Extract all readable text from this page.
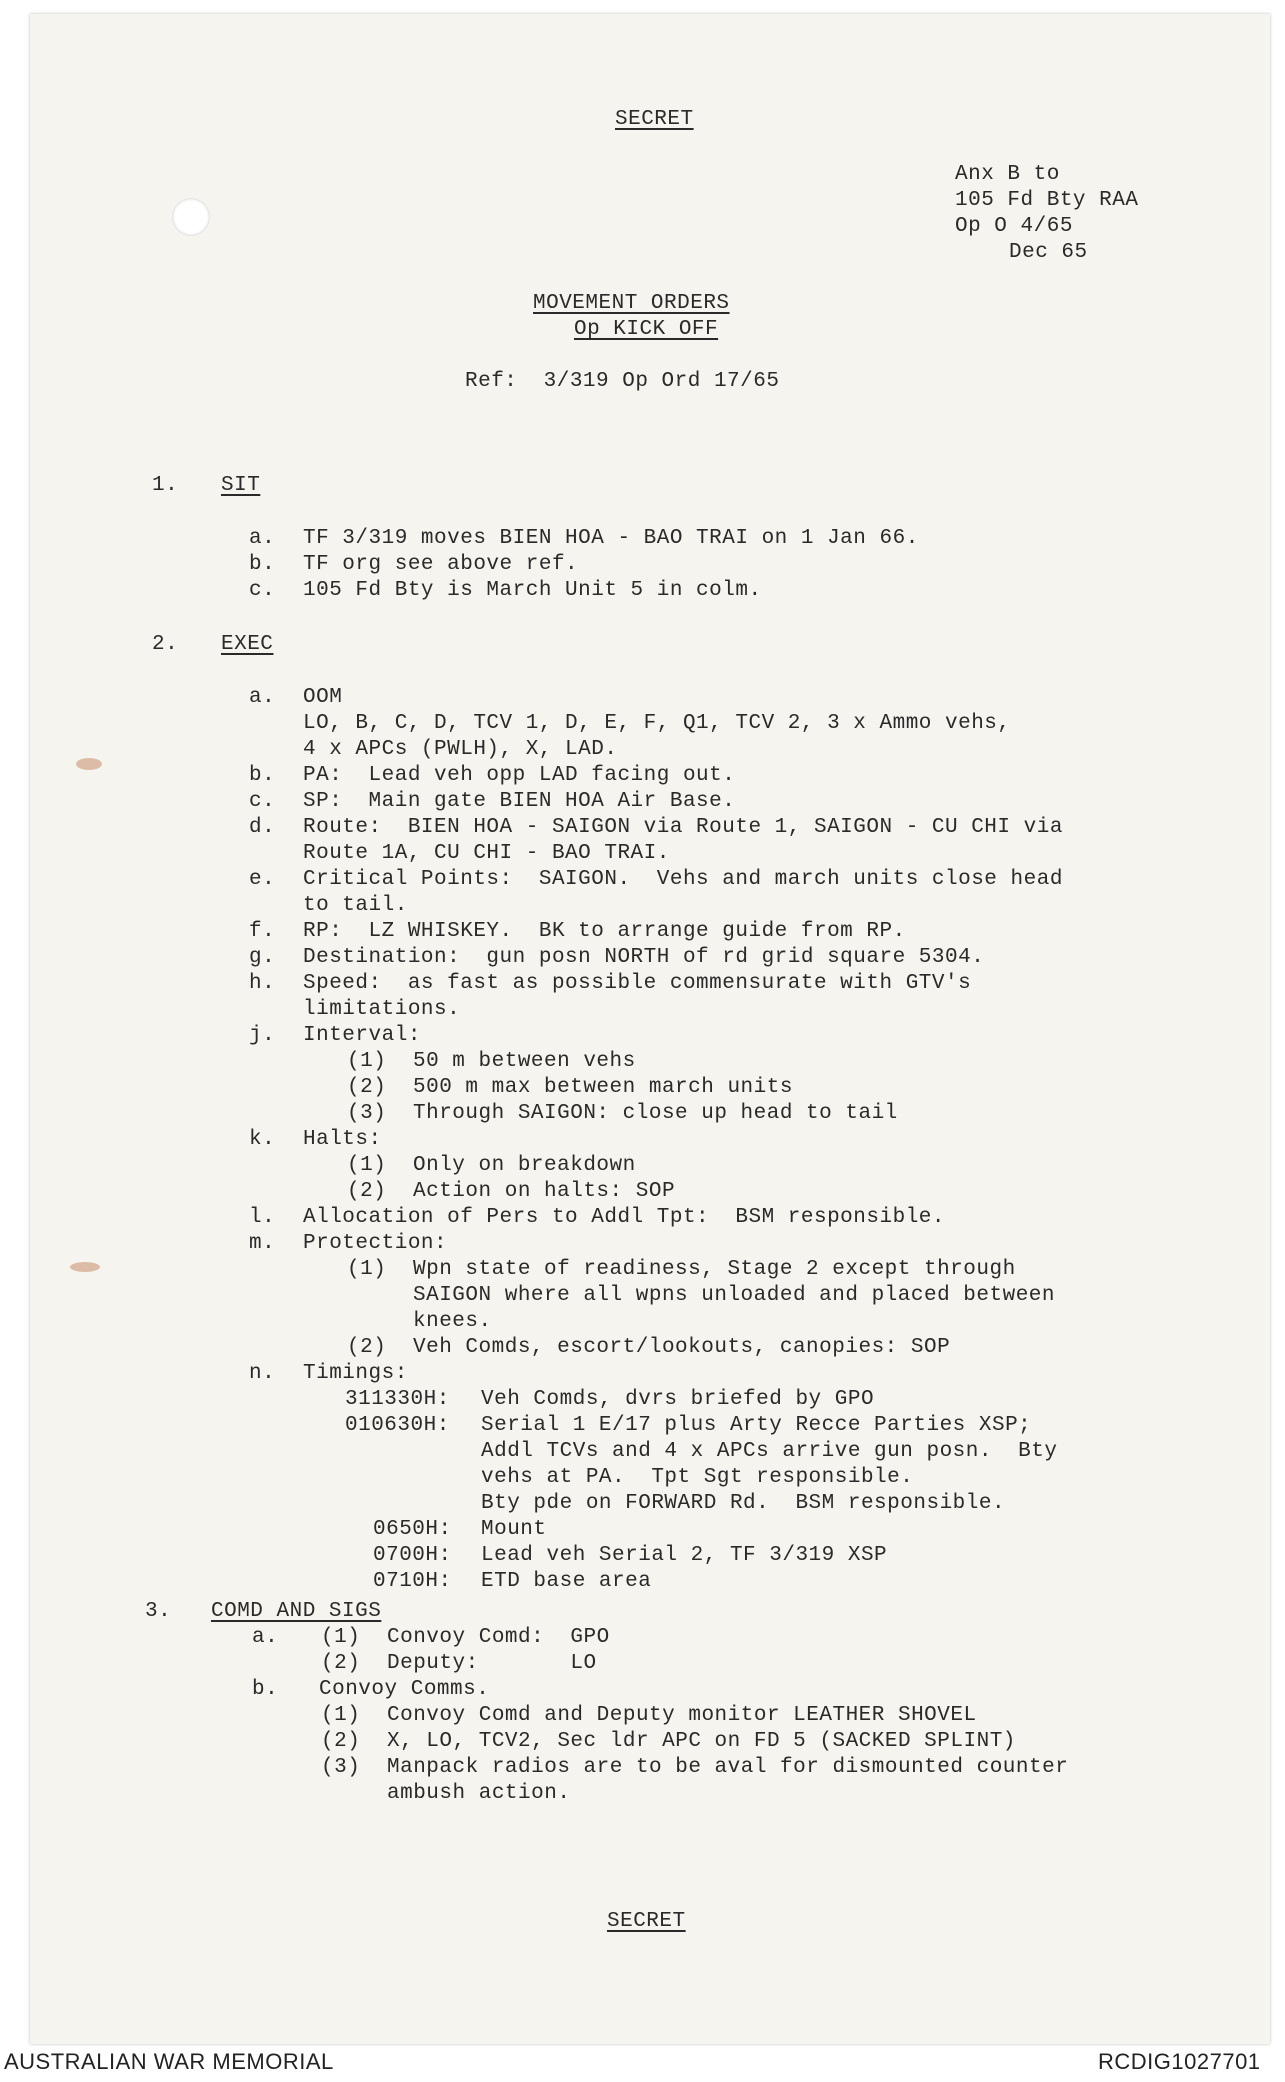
SECRET
Anx B to
105 Fd Bty RAA
Op O 4/65
Dec 65
MOVEMENT ORDERS
Op KICK OFF
Ref:  3/319 Op Ord 17/65
1. SIT
a. TF 3/319 moves BIEN HOA - BAO TRAI on 1 Jan 66.
b. TF org see above ref.
c. 105 Fd Bty is March Unit 5 in colm.
2. EXEC
a. OOM
LO, B, C, D, TCV 1, D, E, F, Q1, TCV 2, 3 x Ammo vehs,
4 x APCs (PWLH), X, LAD.
b. PA:  Lead veh opp LAD facing out.
c. SP:  Main gate BIEN HOA Air Base.
d. Route:  BIEN HOA - SAIGON via Route 1, SAIGON - CU CHI via
Route 1A, CU CHI - BAO TRAI.
e. Critical Points:  SAIGON.  Vehs and march units close head
to tail.
f. RP:  LZ WHISKEY.  BK to arrange guide from RP.
g. Destination:  gun posn NORTH of rd grid square 5304.
h. Speed:  as fast as possible commensurate with GTV's
limitations.
j. Interval:
(1) 50 m between vehs
(2) 500 m max between march units
(3) Through SAIGON: close up head to tail
k. Halts:
(1) Only on breakdown
(2) Action on halts: SOP
l. Allocation of Pers to Addl Tpt:  BSM responsible.
m. Protection:
(1) Wpn state of readiness, Stage 2 except through
SAIGON where all wpns unloaded and placed between
knees.
(2) Veh Comds, escort/lookouts, canopies: SOP
n. Timings:
311330H: Veh Comds, dvrs briefed by GPO
010630H: Serial 1 E/17 plus Arty Recce Parties XSP;
Addl TCVs and 4 x APCs arrive gun posn.  Bty
vehs at PA.  Tpt Sgt responsible.
Bty pde on FORWARD Rd.  BSM responsible.
0650H: Mount
0700H: Lead veh Serial 2, TF 3/319 XSP
0710H: ETD base area
3. COMD AND SIGS
a. (1) Convoy Comd:  GPO
(2) Deputy:       LO
b. Convoy Comms.
(1) Convoy Comd and Deputy monitor LEATHER SHOVEL
(2) X, LO, TCV2, Sec ldr APC on FD 5 (SACKED SPLINT)
(3) Manpack radios are to be aval for dismounted counter
ambush action.
SECRET
AUSTRALIAN WAR MEMORIAL	RCDIG1027701
